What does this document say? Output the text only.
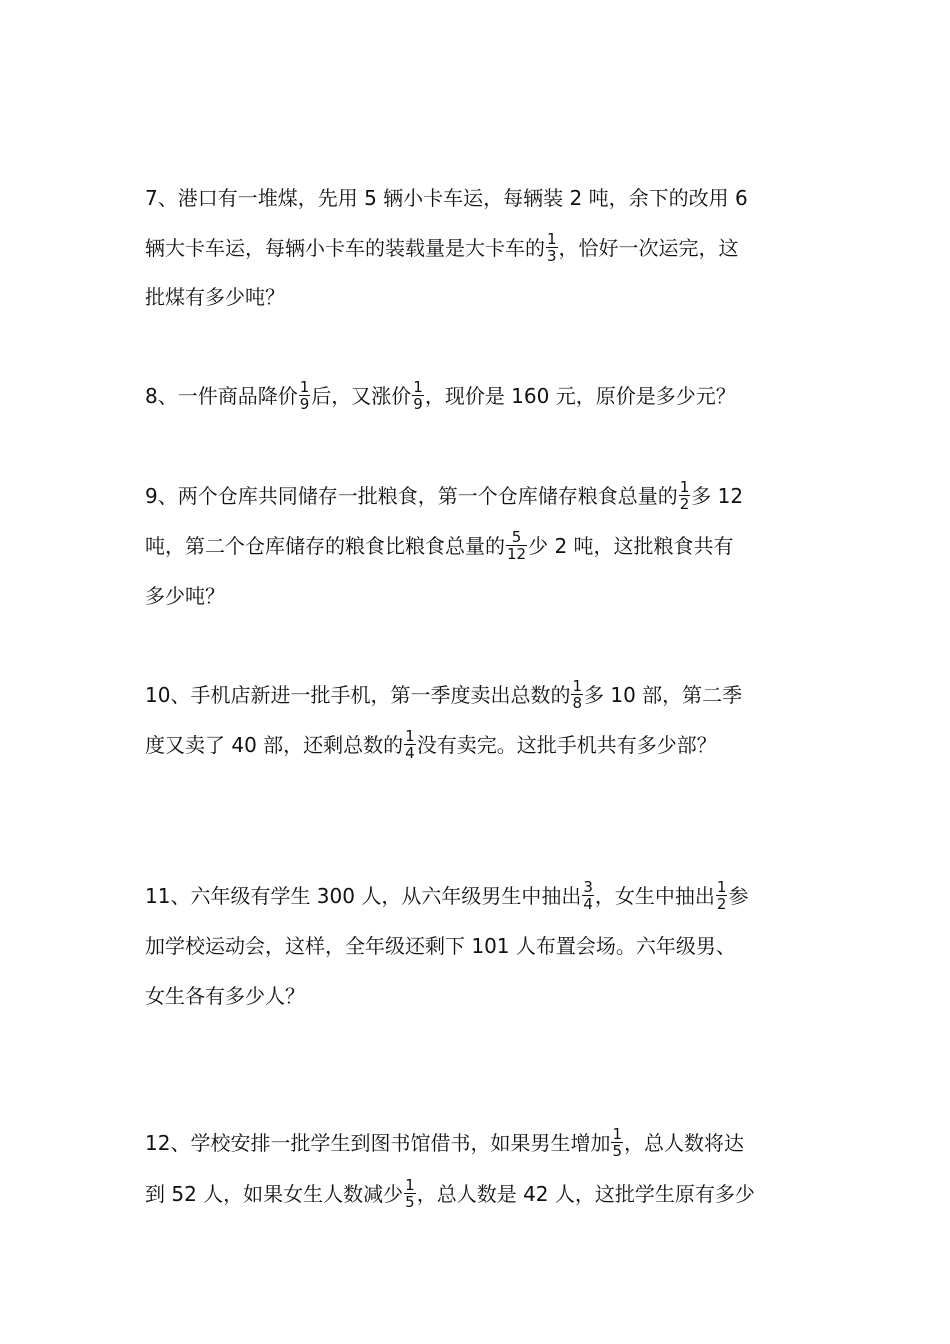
7、港口有一堆煤，先用 5 辆小卡车运，每辆装 2 吨，余下的改用 6
辆大卡车运，每辆小卡车的装载量是大卡车的 $\frac{1}{3}$ ，恰好一次运完，这
批煤有多少吨？
8、一件商品降价 $\frac{1}{9}$ 后，又涨价 $\frac{1}{9}$ ，现价是 160 元，原价是多少元？
9、两个仓库共同储存一批粮食，第一个仓库储存粮食总量的 $\frac{1}{2}$ 多 12
吨，第二个仓库储存的粮食比粮食总量的 $\frac{5}{12}$ 少 2 吨，这批粮食共有
多少吨？
10、手机店新进一批手机，第一季度卖出总数的 $\frac{1}{8}$ 多 10 部，第二季
度又卖了 40 部，还剩总数的 $\frac{1}{4}$ 没有卖完。这批手机共有多少部？
11、六年级有学生 300 人，从六年级男生中抽出 $\frac{3}{4}$ ，女生中抽出 $\frac{1}{2}$ 参
加学校运动会，这样，全年级还剩下 101 人布置会场。六年级男、
女生各有多少人？
12、学校安排一批学生到图书馆借书，如果男生增加 $\frac{1}{5}$ ，总人数将达
到 52 人，如果女生人数减少 $\frac{1}{5}$ ，总人数是 42 人，这批学生原有多少
